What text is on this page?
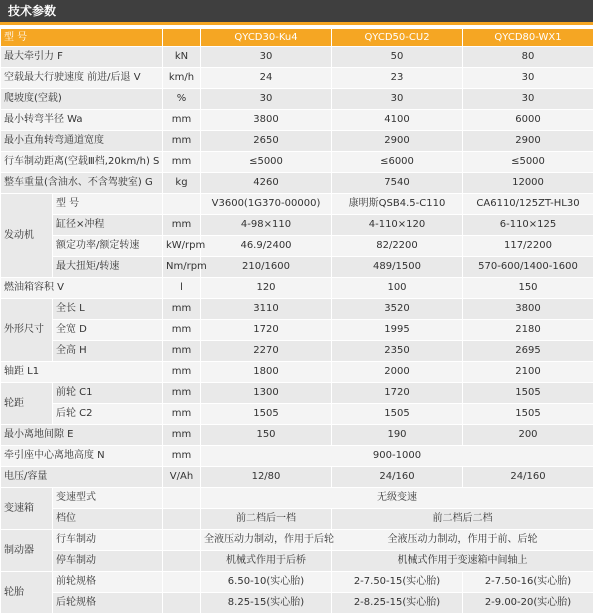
技术参数
型 号			QYCD30-Ku4	QYCD50-CU2	QYCD80-WX1
最大牵引力 F		kN	30	50	80
空载最大行驶速度 前进/后退 V		km/h	24	23	30
爬坡度(空载)		%	30	30	30
最小转弯半径 Wa		mm	3800	4100	6000
最小直角转弯通道宽度		mm	2650	2900	2900
行车制动距离(空载Ⅲ档,20km/h) S		mm	≤5000	≤6000	≤5000
整车重量(含油水、不含驾驶室) G		kg	4260	7540	12000
发动机	型 号		V3600(1G370-00000)	康明斯QSB4.5-C110	CA6110/125ZT-HL30
	缸径×冲程	mm	4-98×110	4-110×120	6-110×125
	额定功率/额定转速	kW/rpm	46.9/2400	82/2200	117/2200
	最大扭矩/转速	Nm/rpm	210/1600	489/1500	570-600/1400-1600
燃油箱容积 V		l	120	100	150
外形尺寸	全长 L	mm	3110	3520	3800
	全宽 D	mm	1720	1995	2180
	全高 H	mm	2270	2350	2695
轴距 L1		mm	1800	2000	2100
轮距	前轮 C1	mm	1300	1720	1505
	后轮 C2	mm	1505	1505	1505
最小离地间隙 E		mm	150	190	200
牵引座中心离地高度 N		mm	900-1000		
电压/容量		V/Ah	12/80	24/160	24/160
变速箱	变速型式		无级变速		
	档位		前二档后一档	前二档后二档	
制动器	行车制动		全液压动力制动，作用于后轮	全液压动力制动，作用于前、后轮	
	停车制动		机械式作用于后桥	机械式作用于变速箱中间轴上	
轮胎	前轮规格		6.50-10(实心胎)	2-7.50-15(实心胎)	2-7.50-16(实心胎)
	后轮规格		8.25-15(实心胎)	2-8.25-15(实心胎)	2-9.00-20(实心胎)
